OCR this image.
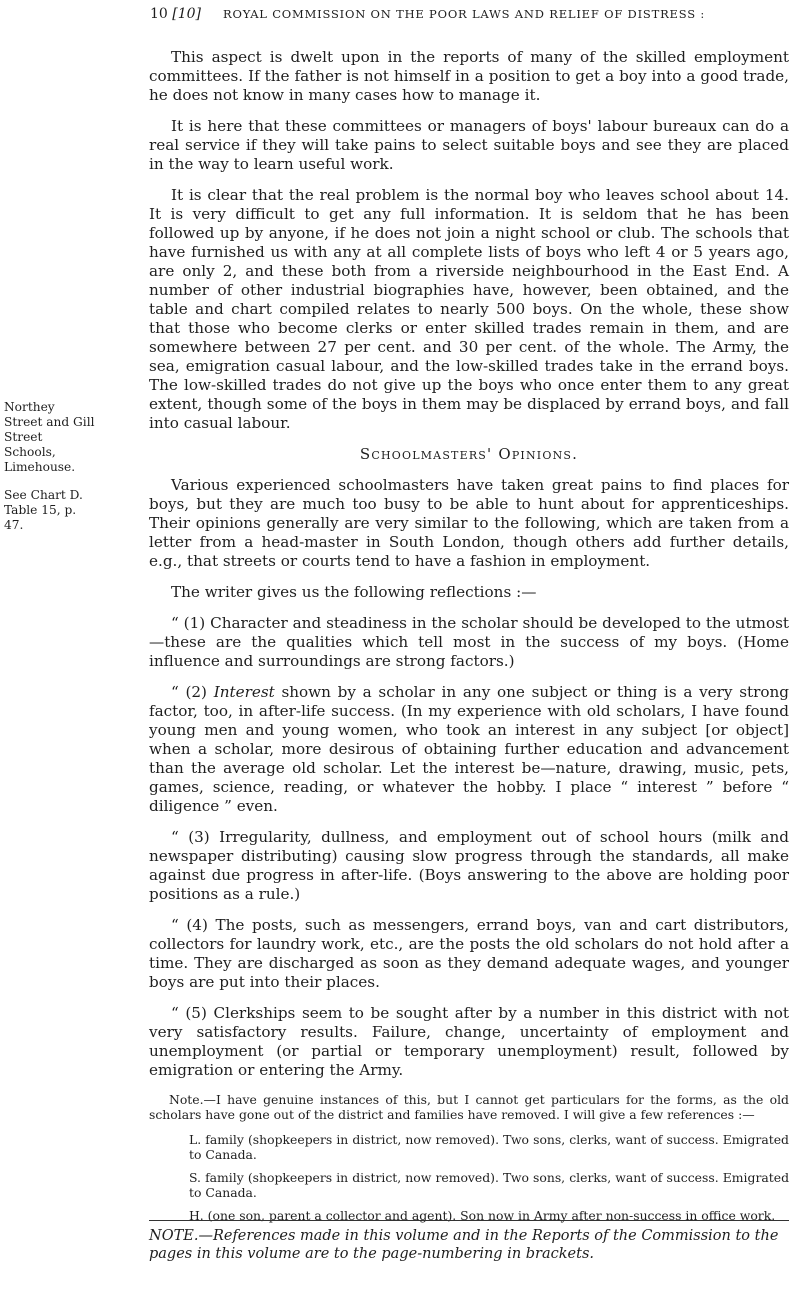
10 [10] ROYAL COMMISSION ON THE POOR LAWS AND RELIEF OF DISTRESS :
Northey Street and Gill Street Schools, Limehouse.
See Chart D. Table 15, p. 47.

This aspect is dwelt upon in the reports of many of the skilled employment committees. If the father is not himself in a position to get a boy into a good trade, he does not know in many cases how to manage it.

It is here that these committees or managers of boys' labour bureaux can do a real service if they will take pains to select suitable boys and see they are placed in the way to learn useful work.

It is clear that the real problem is the normal boy who leaves school about 14. It is very difficult to get any full information. It is seldom that he has been followed up by anyone, if he does not join a night school or club. The schools that have furnished us with any at all complete lists of boys who left 4 or 5 years ago, are only 2, and these both from a riverside neighbourhood in the East End. A number of other industrial biographies have, however, been obtained, and the table and chart compiled relates to nearly 500 boys. On the whole, these show that those who become clerks or enter skilled trades remain in them, and are somewhere between 27 per cent. and 30 per cent. of the whole. The Army, the sea, emigration casual labour, and the low-skilled trades take in the errand boys. The low-skilled trades do not give up the boys who once enter them to any great extent, though some of the boys in them may be displaced by errand boys, and fall into casual labour.

Schoolmasters' Opinions.

Various experienced schoolmasters have taken great pains to find places for boys, but they are much too busy to be able to hunt about for apprenticeships. Their opinions generally are very similar to the following, which are taken from a letter from a head-master in South London, though others add further details, e.g., that streets or courts tend to have a fashion in employment.

The writer gives us the following reflections :—

“ (1) Character and steadiness in the scholar should be developed to the utmost—these are the qualities which tell most in the success of my boys. (Home influence and surroundings are strong factors.)

“ (2) Interest shown by a scholar in any one subject or thing is a very strong factor, too, in after-life success. (In my experience with old scholars, I have found young men and young women, who took an interest in any subject [or object] when a scholar, more desirous of obtaining further education and advancement than the average old scholar. Let the interest be—nature, drawing, music, pets, games, science, reading, or whatever the hobby. I place “ interest ” before “ diligence ” even.

“ (3) Irregularity, dullness, and employment out of school hours (milk and newspaper distributing) causing slow progress through the standards, all make against due progress in after-life. (Boys answering to the above are holding poor positions as a rule.)

“ (4) The posts, such as messengers, errand boys, van and cart distributors, collectors for laundry work, etc., are the posts the old scholars do not hold after a time. They are discharged as soon as they demand adequate wages, and younger boys are put into their places.

“ (5) Clerkships seem to be sought after by a number in this district with not very satisfactory results. Failure, change, uncertainty of employment and unemployment (or partial or temporary unemployment) result, followed by emigration or entering the Army.

Note.—I have genuine instances of this, but I cannot get particulars for the forms, as the old scholars have gone out of the district and families have removed. I will give a few references :—

L. family (shopkeepers in district, now removed). Two sons, clerks, want of success. Emigrated to Canada.

S. family (shopkeepers in district, now removed). Two sons, clerks, want of success. Emigrated to Canada.

H. (one son, parent a collector and agent). Son now in Army after non-success in office work.

NOTE.—References made in this volume and in the Reports of the Commission to the pages in this volume are to the page-numbering in brackets.
